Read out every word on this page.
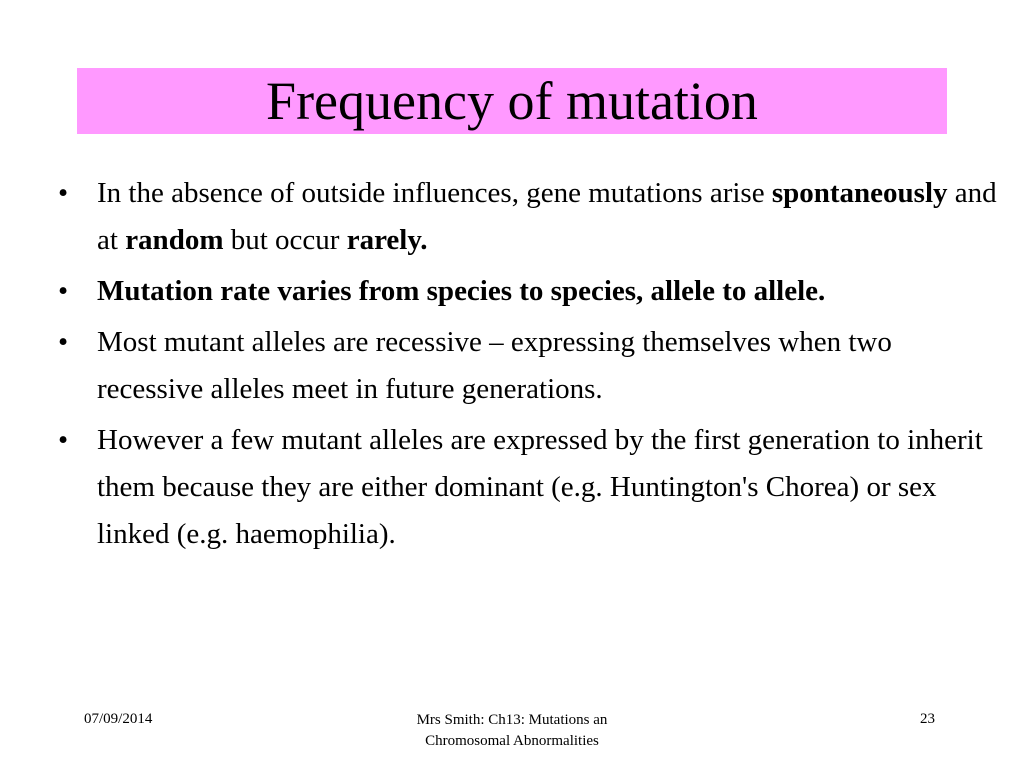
Frequency of mutation
• In the absence of outside influences, gene mutations arise spontaneously and at random but occur rarely.
• Mutation rate varies from species to species, allele to allele.
• Most mutant alleles are recessive – expressing themselves when two recessive alleles meet in future generations.
• However a few mutant alleles are expressed by the first generation to inherit them because they are either dominant (e.g. Huntington's Chorea) or sex linked (e.g. haemophilia).
07/09/2014	Mrs Smith: Ch13: Mutations an
Chromosomal Abnormalities
23
